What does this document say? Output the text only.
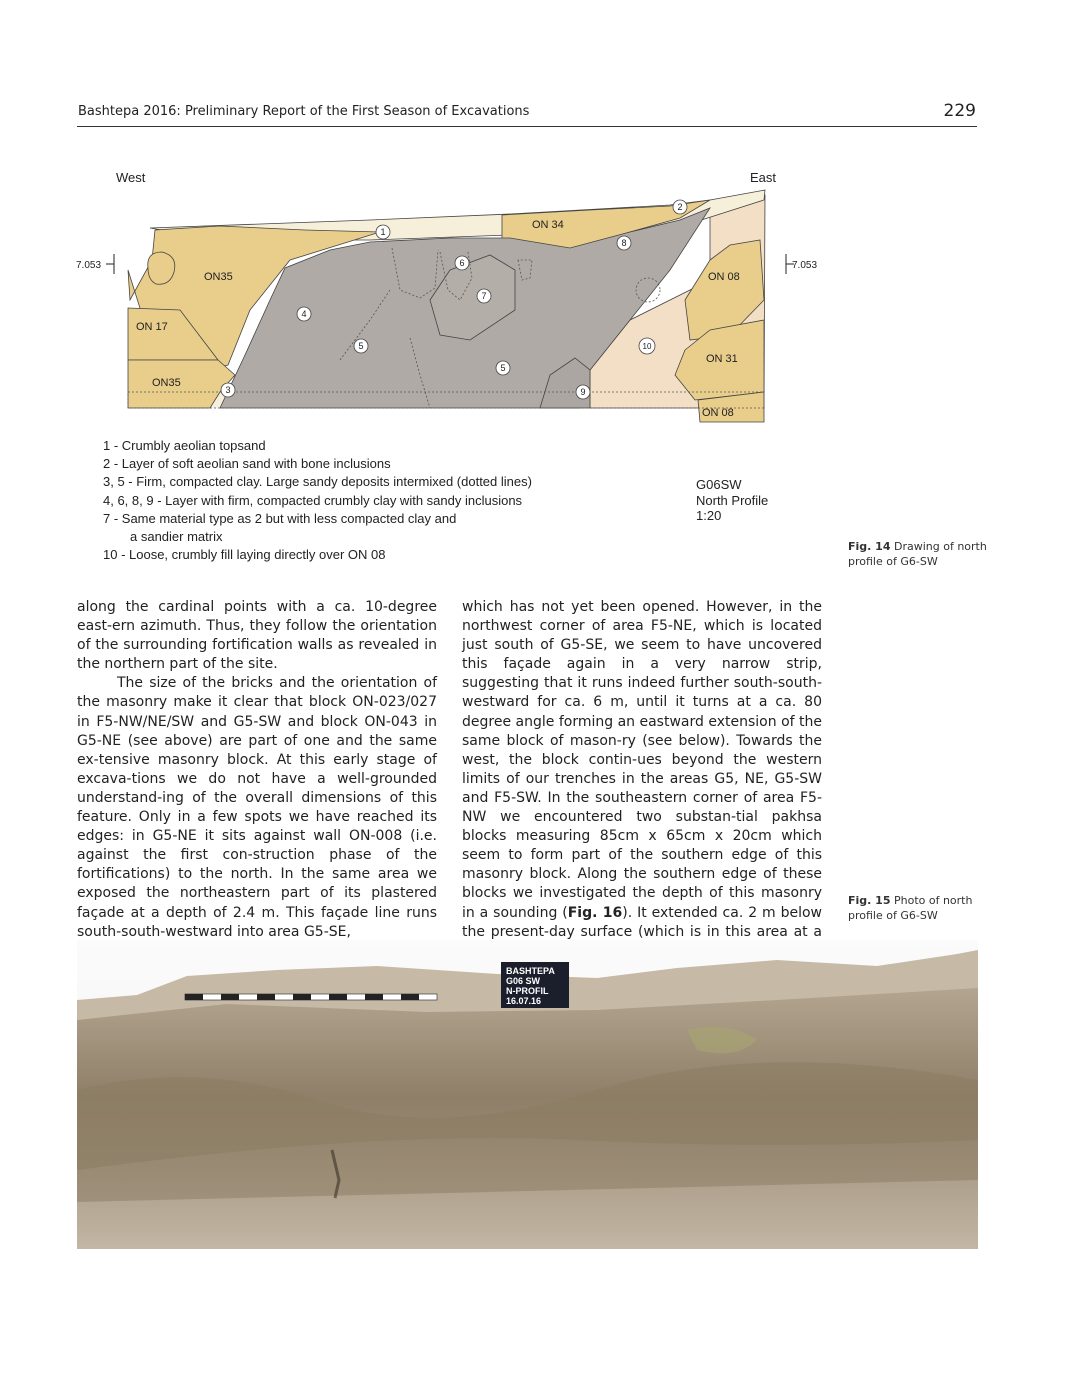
Bashtepa 2016: Preliminary Report of the First Season of Excavations	229
West	East
7.053	7.053
ON35
ON 17
ON35
ON 34
ON 08
ON 31
ON 08
1
2
3
4
5
5
6
7
8
9
10
1 - Crumbly aeolian topsand
2 - Layer of soft aeolian sand with bone inclusions
3, 5 - Firm, compacted clay. Large sandy deposits intermixed (dotted lines)
4, 6, 8, 9 - Layer with firm, compacted crumbly clay with sandy inclusions
7 - Same material type as 2 but with less compacted clay and
a sandier matrix
10 - Loose, crumbly fill laying directly over ON 08
G06SW
North Profile
1:20
Fig. 14 Drawing of north
profile of G6-SW

along the cardinal points with a ca. 10-degree east-ern azimuth. Thus, they follow the orientation of the surrounding fortification walls as revealed in the northern part of the site.

The size of the bricks and the orientation of the masonry make it clear that block ON-023/027 in F5-NW/NE/SW and G5-SW and block ON-043 in G5-NE (see above) are part of one and the same ex-tensive masonry block. At this early stage of excava-tions we do not have a well-grounded understand-ing of the overall dimensions of this feature. Only in a few spots we have reached its edges: in G5-NE it sits against wall ON-008 (i.e. against the first con-struction phase of the fortifications) to the north. In the same area we exposed the northeastern part of its plastered façade at a depth of 2.4 m. This façade line runs south-south-westward into area G5-SE,

which has not yet been opened. However, in the northwest corner of area F5-NE, which is located just south of G5-SE, we seem to have uncovered this façade again in a very narrow strip, suggesting that it runs indeed further south-south-westward for ca. 6 m, until it turns at a ca. 80 degree angle forming an eastward extension of the same block of mason-ry (see below). Towards the west, the block contin-ues beyond the western limits of our trenches in the areas G5, NE, G5-SW and F5-SW. In the southeastern corner of area F5-NW we encountered two substan-tial pakhsa blocks measuring 85cm x 65cm x 20cm which seem to form part of the southern edge of this masonry block. Along the southern edge of these blocks we investigated the depth of this masonry in a sounding (Fig. 16). It extended ca. 2 m below the present-day surface (which is in this area at a

Fig. 15 Photo of north
profile of G6-SW
BASHTEPA
G06 SW
N-PROFIL
16.07.16
